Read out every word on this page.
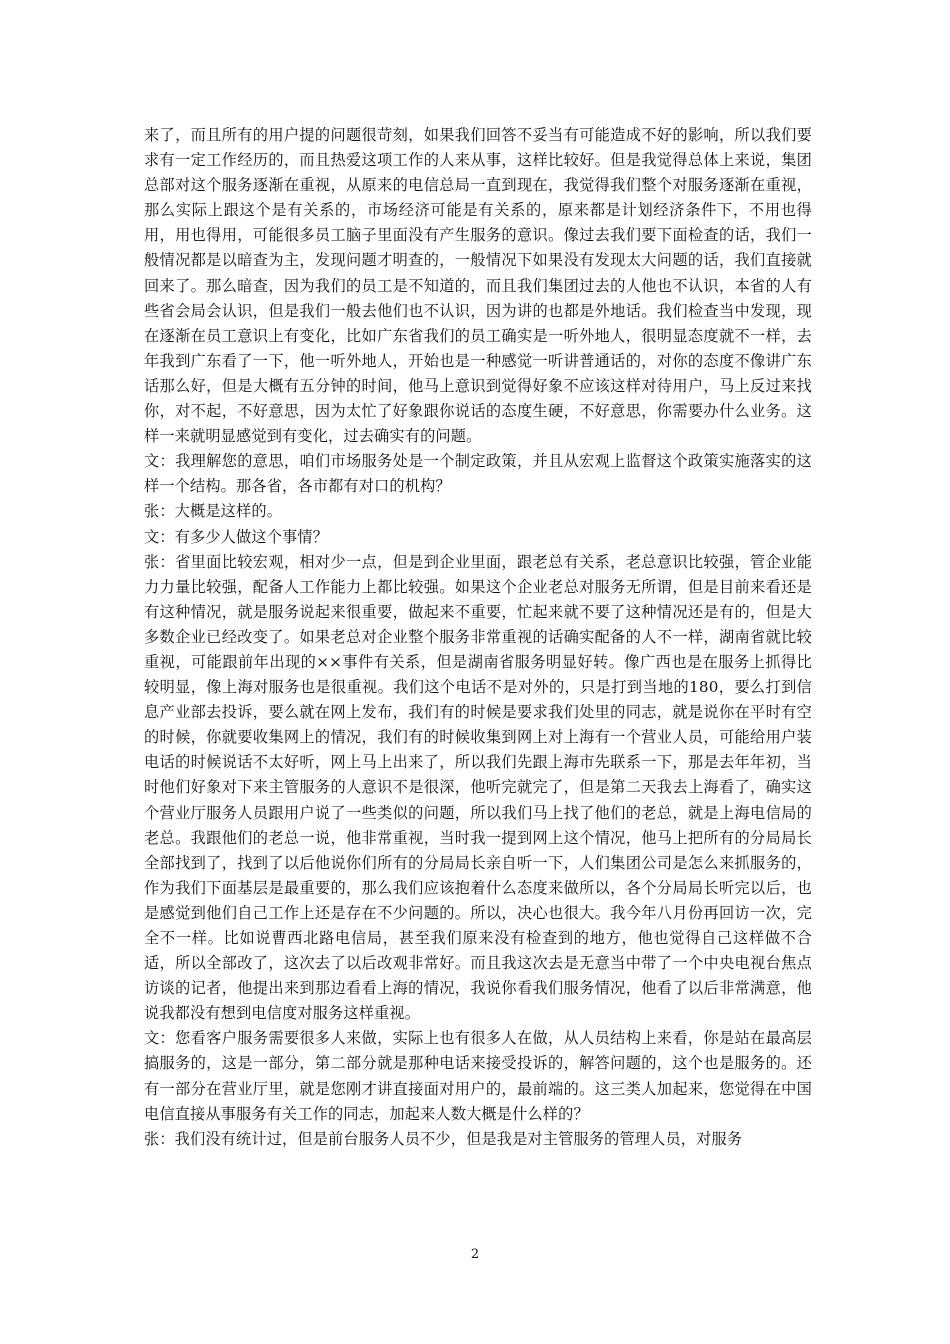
来了，而且所有的用户提的问题很苛刻，如果我们回答不妥当有可能造成不好的影响，所以我们要求有一定工作经历的，而且热爱这项工作的人来从事，这样比较好。但是我觉得总体上来说，集团总部对这个服务逐渐在重视，从原来的电信总局一直到现在，我觉得我们整个对服务逐渐在重视，那么实际上跟这个是有关系的，市场经济可能是有关系的，原来都是计划经济条件下，不用也得用，用也得用，可能很多员工脑子里面没有产生服务的意识。像过去我们要下面检查的话，我们一般情况都是以暗查为主，发现问题才明查的，一般情况下如果没有发现太大问题的话，我们直接就回来了。那么暗查，因为我们的员工是不知道的，而且我们集团过去的人他也不认识，本省的人有些省会局会认识，但是我们一般去他们也不认识，因为讲的也都是外地话。我们检查当中发现，现在逐渐在员工意识上有变化，比如广东省我们的员工确实是一听外地人，很明显态度就不一样，去年我到广东看了一下，他一听外地人，开始也是一种感觉一听讲普通话的，对你的态度不像讲广东话那么好，但是大概有五分钟的时间，他马上意识到觉得好象不应该这样对待用户，马上反过来找你，对不起，不好意思，因为太忙了好象跟你说话的态度生硬，不好意思，你需要办什么业务。这样一来就明显感觉到有变化，过去确实有的问题。

文：我理解您的意思，咱们市场服务处是一个制定政策，并且从宏观上监督这个政策实施落实的这样一个结构。那各省，各市都有对口的机构？

张：大概是这样的。

文：有多少人做这个事情？

张：省里面比较宏观，相对少一点，但是到企业里面，跟老总有关系，老总意识比较强，管企业能力力量比较强，配备人工作能力上都比较强。如果这个企业老总对服务无所谓，但是目前来看还是有这种情况，就是服务说起来很重要，做起来不重要，忙起来就不要了这种情况还是有的，但是大多数企业已经改变了。如果老总对企业整个服务非常重视的话确实配备的人不一样，湖南省就比较重视，可能跟前年出现的××事件有关系，但是湖南省服务明显好转。像广西也是在服务上抓得比较明显，像上海对服务也是很重视。我们这个电话不是对外的，只是打到当地的180，要么打到信息产业部去投诉，要么就在网上发布，我们有的时候是要求我们处里的同志，就是说你在平时有空的时候，你就要收集网上的情况，我们有的时候收集到网上对上海有一个营业人员，可能给用户装电话的时候说话不太好听，网上马上出来了，所以我们先跟上海市先联系一下，那是去年年初，当时他们好象对下来主管服务的人意识不是很深，他听完就完了，但是第二天我去上海看了，确实这个营业厅服务人员跟用户说了一些类似的问题，所以我们马上找了他们的老总，就是上海电信局的老总。我跟他们的老总一说，他非常重视，当时我一提到网上这个情况，他马上把所有的分局局长全部找到了，找到了以后他说你们所有的分局局长亲自听一下，人们集团公司是怎么来抓服务的，作为我们下面基层是最重要的，那么我们应该抱着什么态度来做所以，各个分局局长听完以后，也是感觉到他们自己工作上还是存在不少问题的。所以，决心也很大。我今年八月份再回访一次，完全不一样。比如说曹西北路电信局，甚至我们原来没有检查到的地方，他也觉得自己这样做不合适，所以全部改了，这次去了以后改观非常好。而且我这次去是无意当中带了一个中央电视台焦点访谈的记者，他提出来到那边看看上海的情况，我说你看我们服务情况，他看了以后非常满意，他说我都没有想到电信度对服务这样重视。

文：您看客户服务需要很多人来做，实际上也有很多人在做，从人员结构上来看，你是站在最高层搞服务的，这是一部分，第二部分就是那种电话来接受投诉的，解答问题的，这个也是服务的。还有一部分在营业厅里，就是您刚才讲直接面对用户的，最前端的。这三类人加起来，您觉得在中国电信直接从事服务有关工作的同志，加起来人数大概是什么样的？

张：我们没有统计过，但是前台服务人员不少，但是我是对主管服务的管理人员，对服务

2
